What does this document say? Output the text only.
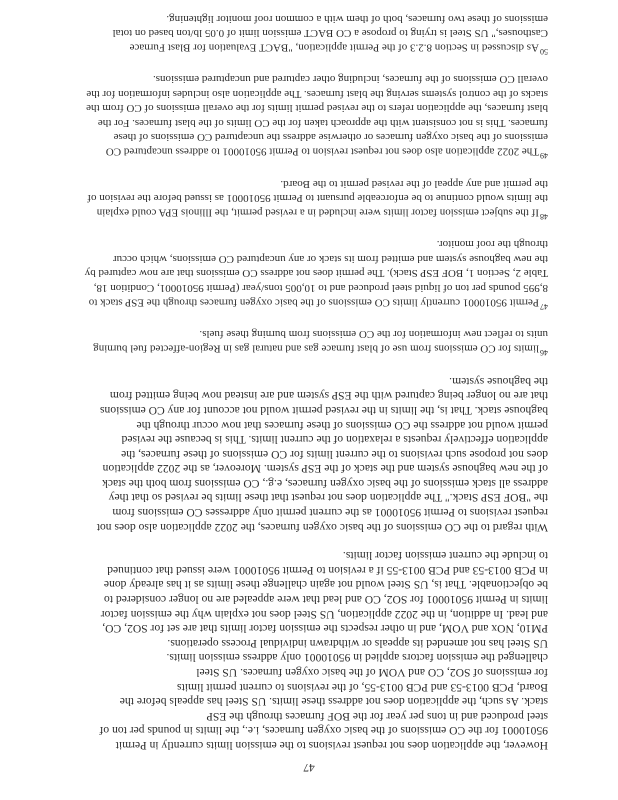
47
However, the application does not request revisions to the emission limits currently in Permit
95010001 for the CO emissions of the basic oxygen furnaces, i.e., the limits in pounds per ton of
steel produced and in tons per year for the BOF furnaces through the ESP
stack. As such, the application does not address these limits. US Steel has appeals before the
Board, PCB 0013-53 and PCB 0013-55, of the revisions to current permit limits
for emissions of SO2, CO and VOM of the basic oxygen furnaces. US Steel
challenged the emission factors applied in 95010001 only address emission limits.
US Steel has not amended its appeals or withdrawn individual Process operations.
PM10, NOx and VOM, and in other respects the emission factor limits that are set for SO2, CO,
and lead. In addition, in the 2022 application, US Steel does not explain why the emission factor
limits in Permit 95010001 for SO2, CO and lead that were appealed are no longer considered to
be objectionable. That is, US Steel would not again challenge these limits as it has already done
in PCB 0013-53 and PCB 0013-55 if a revision to Permit 95010001 were issued that continued
to include the current emission factor limits.
With regard to the CO emissions of the basic oxygen furnaces, the 2022 application also does not
request revisions to Permit 95010001 as the current permit only addresses CO emissions from
the "BOF ESP Stack." The application does not request that these limits be revised so that they
address all stack emissions of the basic oxygen furnaces, e.g., CO emissions from both the stack
of the new baghouse system and the stack of the ESP system. Moreover, as the 2022 application
does not propose such revisions to the current limits for CO emissions of these furnaces, the
application effectively requests a relaxation of the current limits. This is because the revised
permit would not address the CO emissions of these furnaces that now occur through the
baghouse stack. That is, the limits in the revised permit would not account for any CO emissions
that are no longer being captured with the ESP system and are instead now being emitted from
the baghouse system.
$^{46}$limits for CO emissions from use of blast furnace gas and natural gas in Region-affected fuel burning
units to reflect new information for the CO emissions from burning these fuels.
$^{47}$Permit 95010001 currently limits CO emissions of the basic oxygen furnaces through the ESP stack to
8,995 pounds per ton of liquid steel produced and to 10,005 tons/year (Permit 95010001, Condition 18,
Table 2, Section 1, BOF ESP Stack). The permit does not address CO emissions that are now captured by
the new baghouse system and emitted from its stack or any uncaptured CO emissions, which occur
through the roof monitor.
$^{48}$If the subject emission factor limits were included in a revised permit, the Illinois EPA could explain
the limits would continue to be enforceable pursuant to Permit 95010001 as issued before the revision of
the permit and any appeal of the revised permit to the Board.
$^{49}$The 2022 application also does not request revision to Permit 95010001 to address uncaptured CO
emissions of the basic oxygen furnaces or otherwise address the uncaptured CO emissions of these
furnaces. This is not consistent with the approach taken for the CO limits of the blast furnaces. For the
blast furnaces, the application refers to the revised permit limits for the overall emissions of CO from the
stacks of the control systems serving the blast furnaces. The application also includes information for the
overall CO emissions of the furnaces, including other captured and uncaptured emissions.
$^{50}$As discussed in Section 8.2.3 of the Permit application, "BACT Evaluation for Blast Furnace
Casthouses," US Steel is trying to propose a CO BACT emission limit of 0.05 lb/ton based on total
emissions of these two furnaces, both of them with a common roof monitor lightening.
